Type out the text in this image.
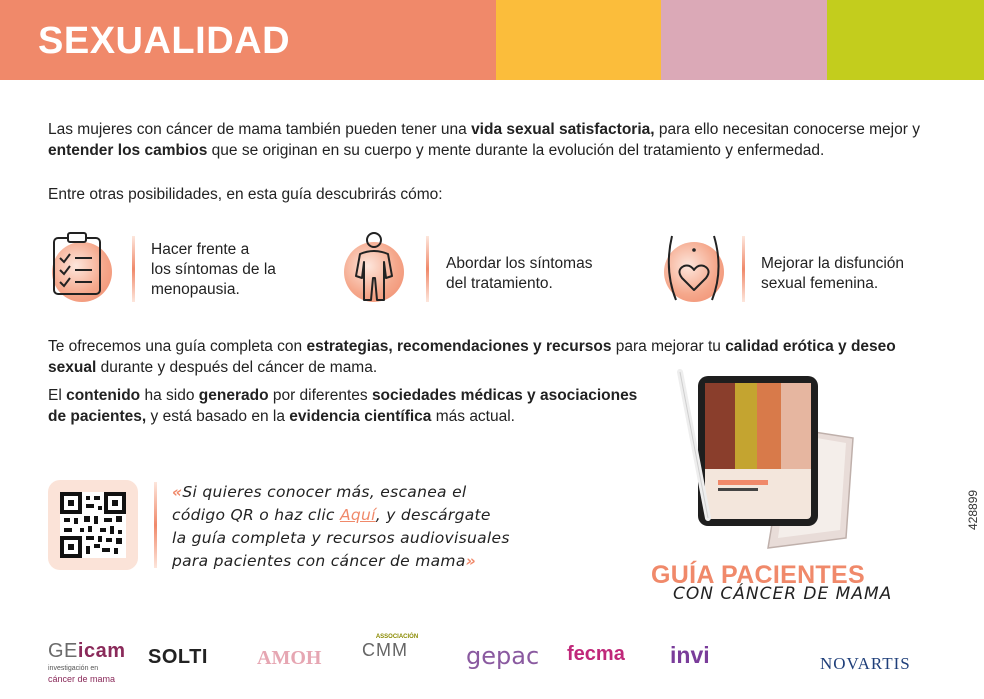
SEXUALIDAD

Las mujeres con cáncer de mama también pueden tener una vida sexual satisfactoria, para ello necesitan conocerse mejor y entender los cambios que se originan en su cuerpo y mente durante la evolución del tratamiento y enfermedad.

Entre otras posibilidades, en esta guía descubrirás cómo:

Hacer frente a
los síntomas de la
menopausia.
Abordar los síntomas
del tratamiento.
Mejorar la disfunción
sexual femenina.

Te ofrecemos una guía completa con estrategias, recomendaciones y recursos para mejorar tu calidad erótica y deseo sexual durante y después del cáncer de mama.

El contenido ha sido generado por diferentes sociedades médicas y asociaciones de pacientes, y está basado en la evidencia científica más actual.

«Si quieres conocer más, escanea el
código QR o haz clic Aquí, y descárgate
la guía completa y recursos audiovisuales
para pacientes con cáncer de mama»	GUÍA PACIENTES
CON CÁNCER DE MAMA
428899
GEicam
investigación en
cáncer de mama
SOLTI AMOH
ASSOCIACIÓN
CMM	gepac fecma invi	NOVARTIS
